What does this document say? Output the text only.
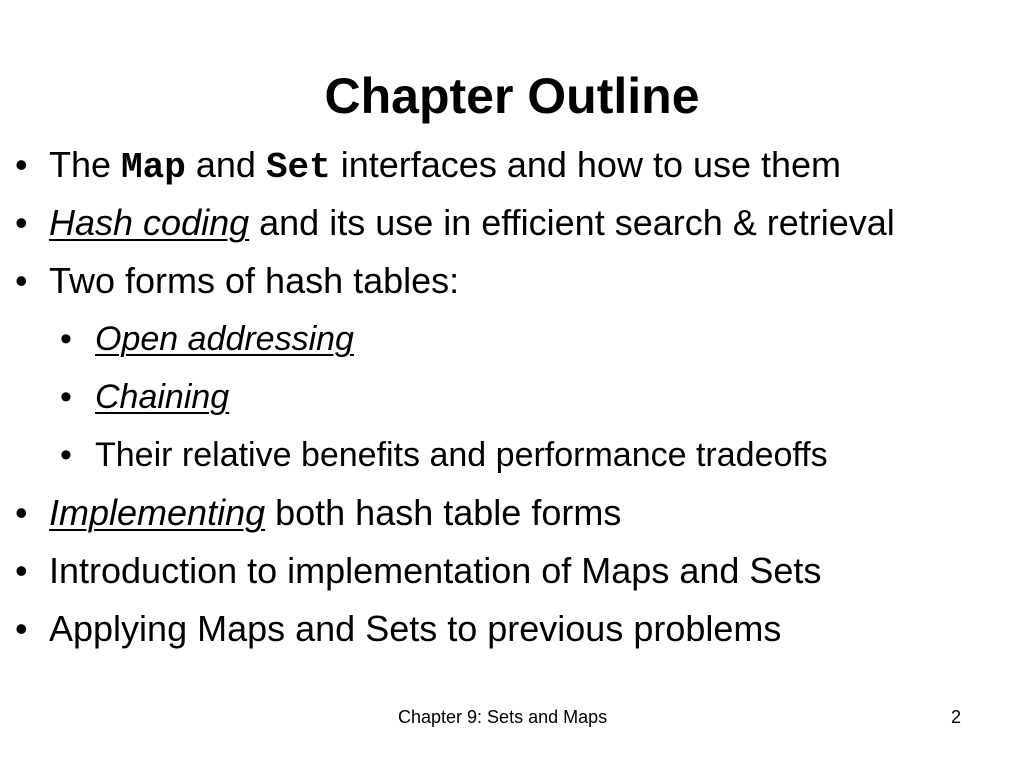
Chapter Outline
• The Map and Set interfaces and how to use them
• Hash coding and its use in efficient search & retrieval
• Two forms of hash tables:
• Open addressing
• Chaining
• Their relative benefits and performance tradeoffs
• Implementing both hash table forms
• Introduction to implementation of Maps and Sets
• Applying Maps and Sets to previous problems
Chapter 9: Sets and Maps	2
